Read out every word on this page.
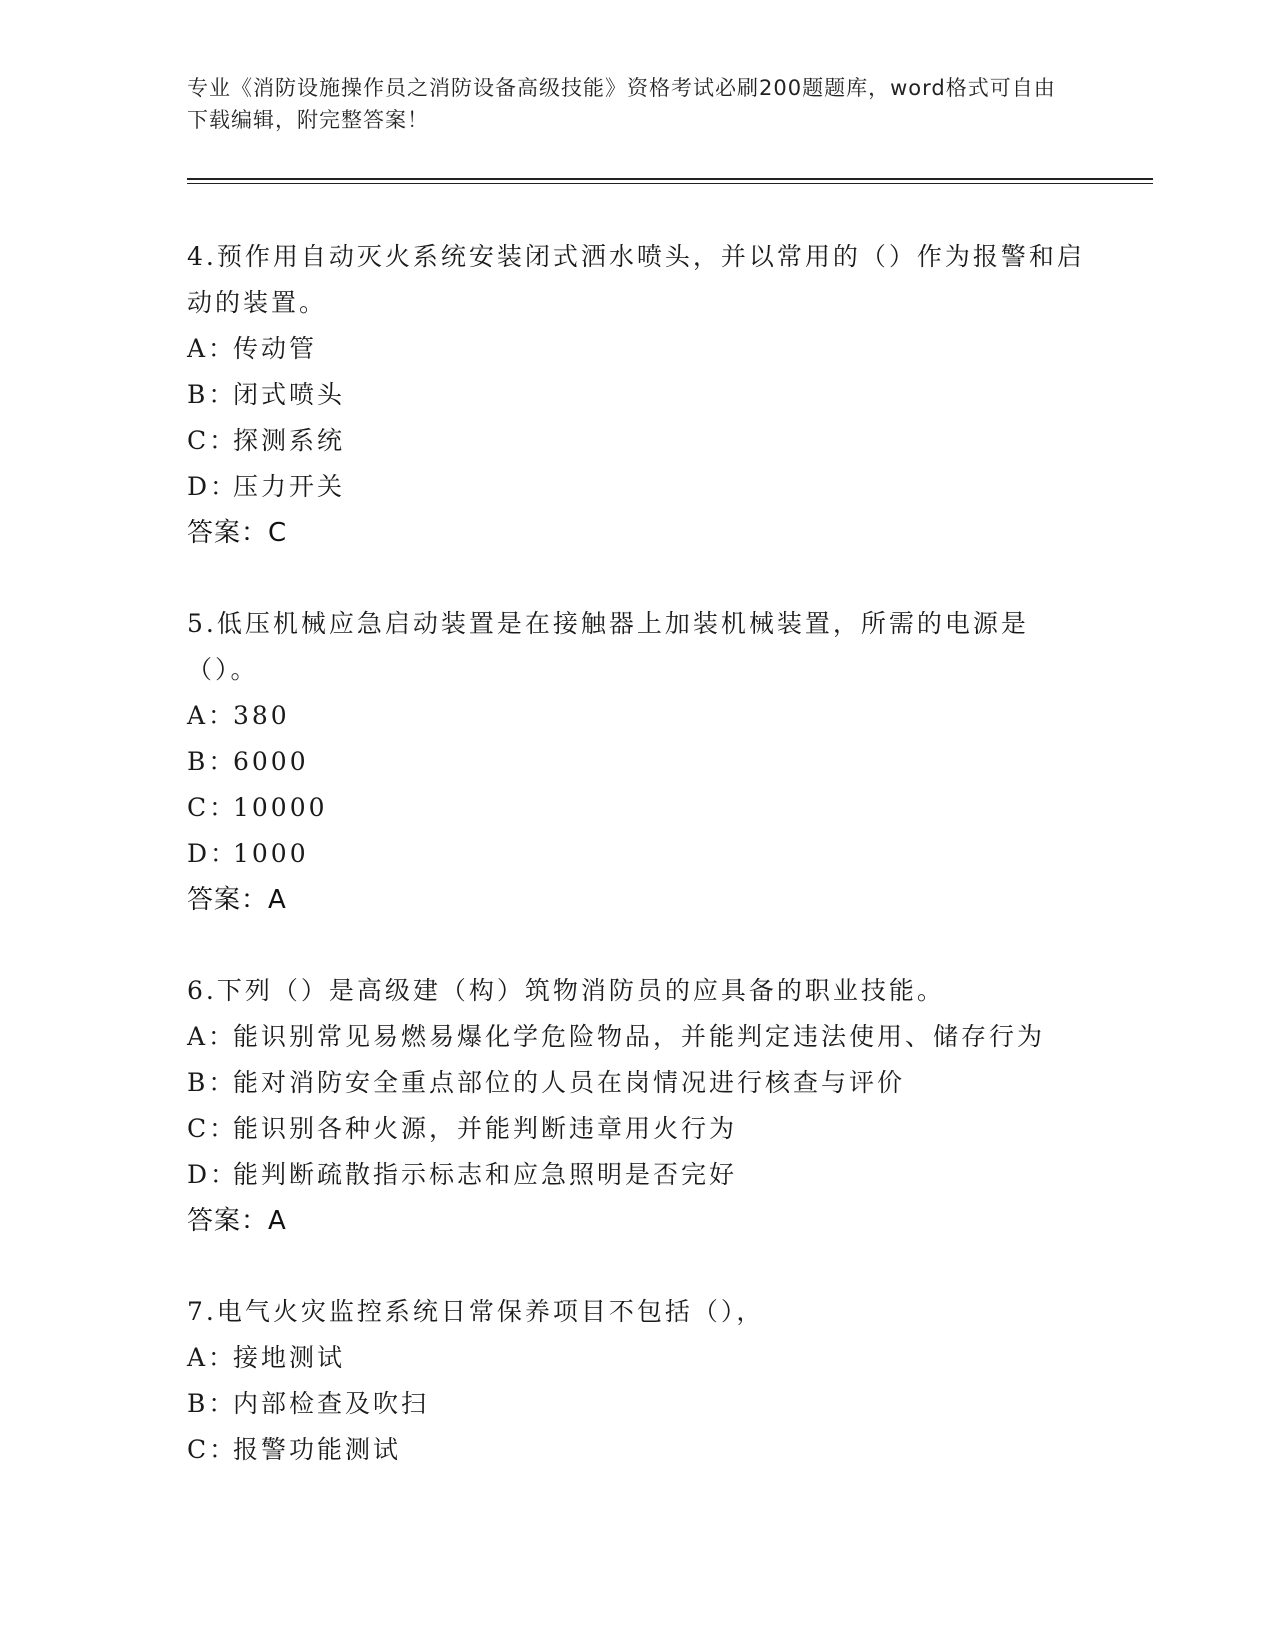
专业《消防设施操作员之消防设备高级技能》资格考试必刷200题题库，word格式可自由下载编辑，附完整答案！

4.预作用自动灭火系统安装闭式洒水喷头，并以常用的（）作为报警和启动的装置。

A：
传动管
B：
闭式喷头
C：
探测系统
D：
压力开关

答案：C

5.低压机械应急启动装置是在接触器上加装机械装置，所需的电源是（）。

A：
380
B：
6000
C：
10000
D：
1000

答案：A

6.下列（）是高级建（构）筑物消防员的应具备的职业技能。

A：
能识别常见易燃易爆化学危险物品，并能判定违法使用、储存行为
B：
能对消防安全重点部位的人员在岗情况进行核查与评价
C：
能识别各种火源，并能判断违章用火行为
D：
能判断疏散指示标志和应急照明是否完好

答案：A

7.电气火灾监控系统日常保养项目不包括（），

A：
接地测试
B：
内部检查及吹扫
C：
报警功能测试
